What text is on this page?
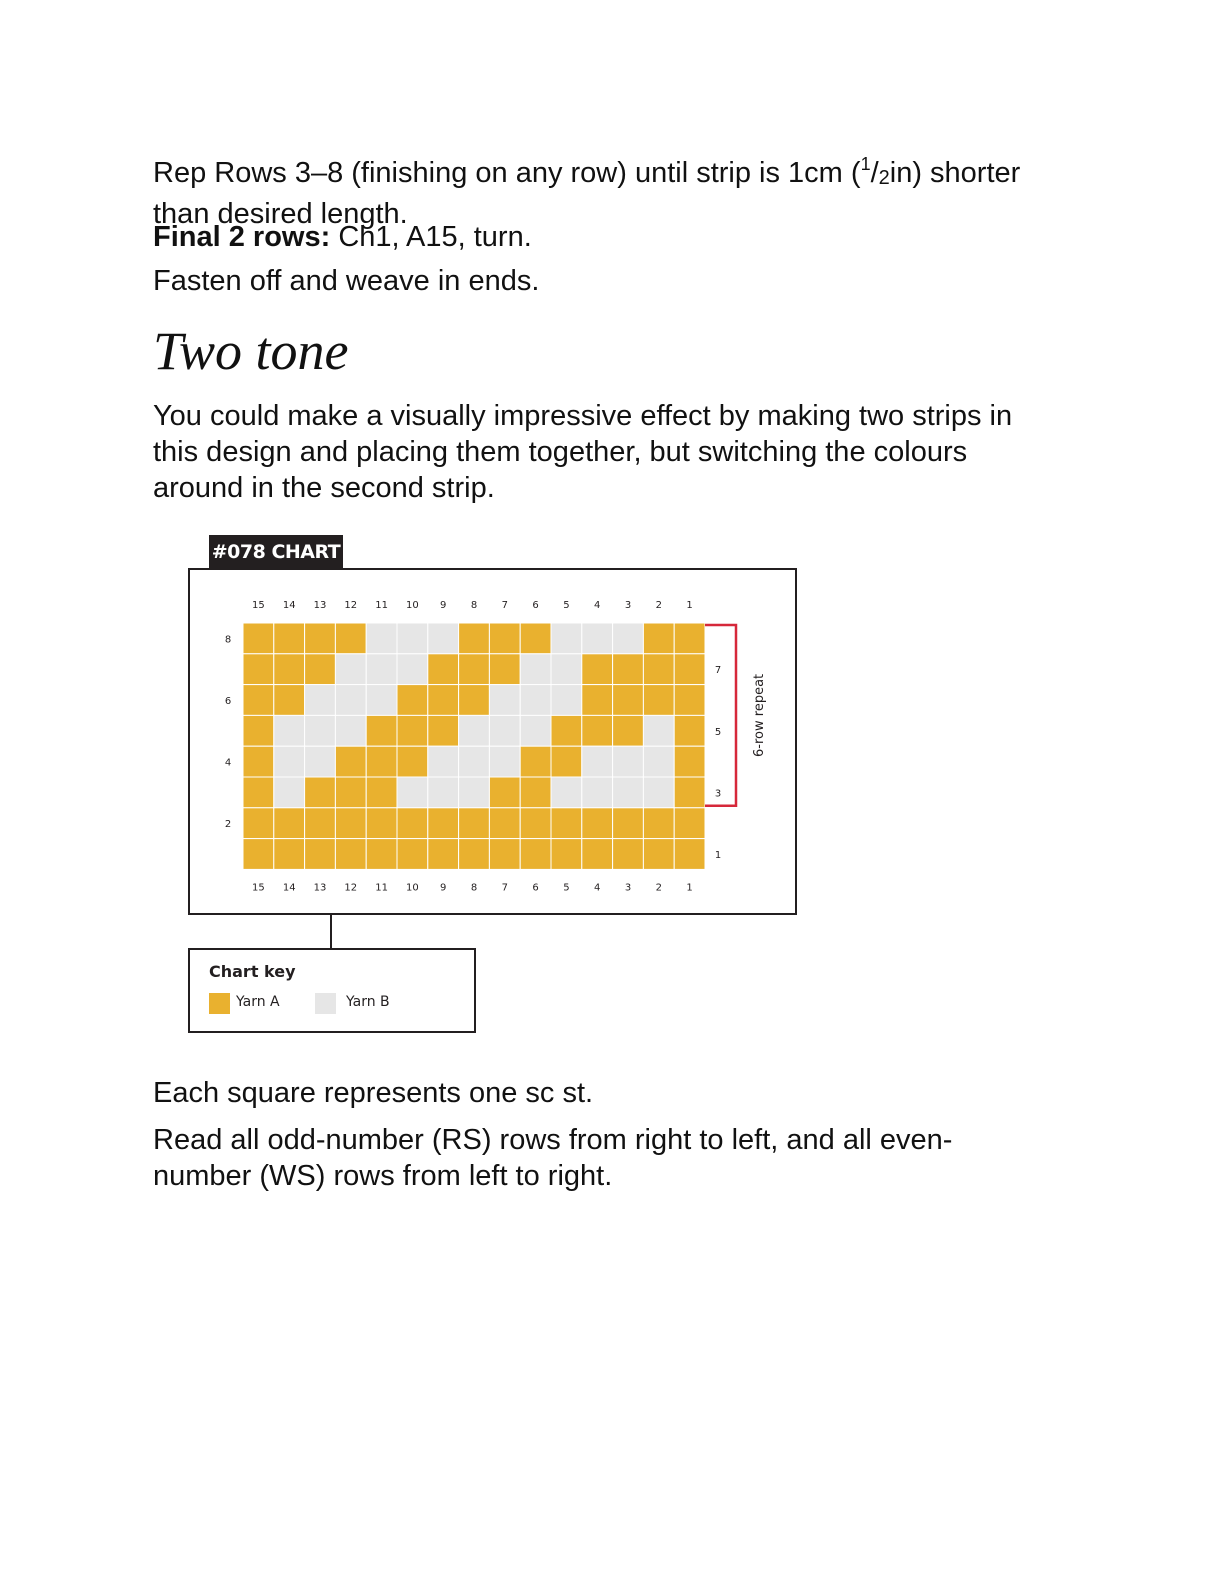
Rep Rows 3–8 (finishing on any row) until strip is 1cm $(^1/_2in)$ shorter than desired length.

Final 2 rows: Ch1, A15, turn.

Fasten off and weave in ends.

Two tone

You could make a visually impressive effect by making two strips in this design and placing them together, but switching the colours around in the second strip.

#078 CHART
15
15
14
14
13
13
12
12
11
11
10
10
9
9
8
8
7
7
6
6
5
5
4
4
3
3
2
2
1
1
8
6
4
2
7
5
3
1
6-row repeat
Chart key
Yarn A	Yarn B

Each square represents one sc st.

Read all odd-number (RS) rows from right to left, and all even-number (WS) rows from left to right.
